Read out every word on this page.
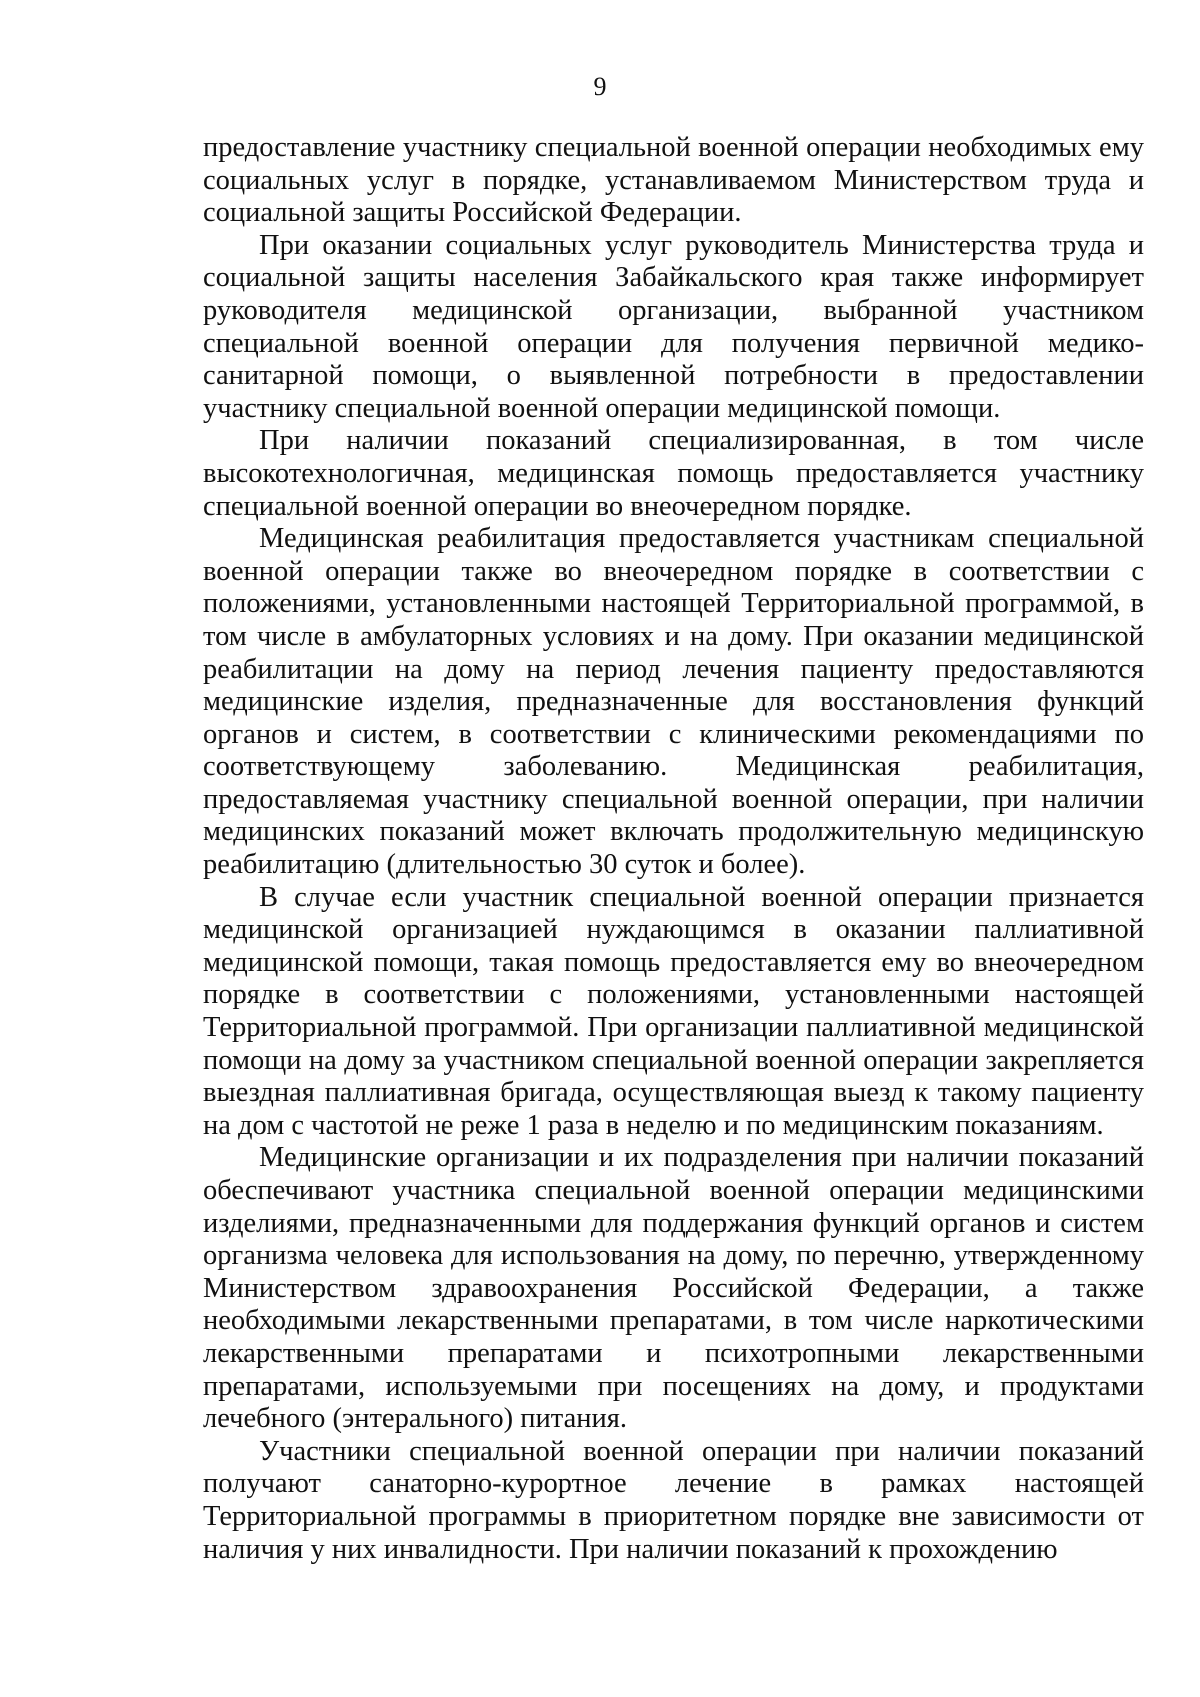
9

предоставление участнику специальной военной операции необходимых ему социальных услуг в порядке, устанавливаемом Министерством труда и социальной защиты Российской Федерации.

При оказании социальных услуг руководитель Министерства труда и социальной защиты населения Забайкальского края также информирует руководителя медицинской организации, выбранной участником специальной военной операции для получения первичной медико-санитарной помощи, о выявленной потребности в предоставлении участнику специальной военной операции медицинской помощи.

При наличии показаний специализированная, в том числе высокотехнологичная, медицинская помощь предоставляется участнику специальной военной операции во внеочередном порядке.

Медицинская реабилитация предоставляется участникам специальной военной операции также во внеочередном порядке в соответствии с положениями, установленными настоящей Территориальной программой, в том числе в амбулаторных условиях и на дому. При оказании медицинской реабилитации на дому на период лечения пациенту предоставляются медицинские изделия, предназначенные для восстановления функций органов и систем, в соответствии с клиническими рекомендациями по соответствующему заболеванию. Медицинская реабилитация, предоставляемая участнику специальной военной операции, при наличии медицинских показаний может включать продолжительную медицинскую реабилитацию (длительностью 30 суток и более).

В случае если участник специальной военной операции признается медицинской организацией нуждающимся в оказании паллиативной медицинской помощи, такая помощь предоставляется ему во внеочередном порядке в соответствии с положениями, установленными настоящей Территориальной программой. При организации паллиативной медицинской помощи на дому за участником специальной военной операции закрепляется выездная паллиативная бригада, осуществляющая выезд к такому пациенту на дом с частотой не реже 1 раза в неделю и по медицинским показаниям.

Медицинские организации и их подразделения при наличии показаний обеспечивают участника специальной военной операции медицинскими изделиями, предназначенными для поддержания функций органов и систем организма человека для использования на дому, по перечню, утвержденному Министерством здравоохранения Российской Федерации, а также необходимыми лекарственными препаратами, в том числе наркотическими лекарственными препаратами и психотропными лекарственными препаратами, используемыми при посещениях на дому, и продуктами лечебного (энтерального) питания.

Участники специальной военной операции при наличии показаний получают санаторно-курортное лечение в рамках настоящей Территориальной программы в приоритетном порядке вне зависимости от наличия у них инвалидности. При наличии показаний к прохождению
